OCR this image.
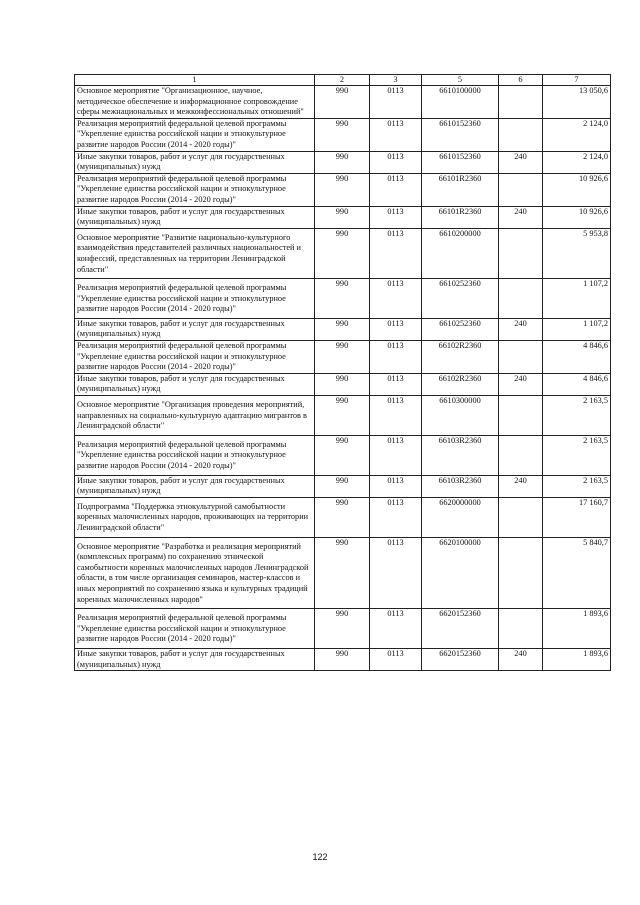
1	2	3	5	6	7
Основное мероприятие "Организационное, научное, методическое обеспечение и информационное сопровождение сферы межнациональных и межконфессиональных отношений"	990	0113	6610100000		13 050,6
Реализация мероприятий федеральной целевой программы "Укрепление единства российской нации и этнокультурное развитие народов России (2014 - 2020 годы)"	990	0113	6610152360		2 124,0
Иные закупки товаров, работ и услуг для государственных (муниципальных) нужд	990	0113	6610152360	240	2 124,0
Реализация мероприятий федеральной целевой программы "Укрепление единства российской нации и этнокультурное развитие народов России (2014 - 2020 годы)"	990	0113	66101R2360		10 926,6
Иные закупки товаров, работ и услуг для государственных (муниципальных) нужд	990	0113	66101R2360	240	10 926,6
Основное мероприятие "Развитие национально-культурного взаимодействия представителей различных национальностей и конфессий, представленных на территории Ленинградской области"	990	0113	6610200000		5 953,8
Реализация мероприятий федеральной целевой программы "Укрепление единства российской нации и этнокультурное развитие народов России (2014 - 2020 годы)"	990	0113	6610252360		1 107,2
Иные закупки товаров, работ и услуг для государственных (муниципальных) нужд	990	0113	6610252360	240	1 107,2
Реализация мероприятий федеральной целевой программы "Укрепление единства российской нации и этнокультурное развитие народов России (2014 - 2020 годы)"	990	0113	66102R2360		4 846,6
Иные закупки товаров, работ и услуг для государственных (муниципальных) нужд	990	0113	66102R2360	240	4 846,6
Основное мероприятие "Организация проведения мероприятий, направленных на социально-культурную адаптацию мигрантов в Ленинградской области"	990	0113	6610300000		2 163,5
Реализация мероприятий федеральной целевой программы "Укрепление единства российской нации и этнокультурное развитие народов России (2014 - 2020 годы)"	990	0113	66103R2360		2 163,5
Иные закупки товаров, работ и услуг для государственных (муниципальных) нужд	990	0113	66103R2360	240	2 163,5
Подпрограмма "Поддержка этнокультурной самобытности коренных малочисленных народов, проживающих на территории Ленинградской области"	990	0113	6620000000		17 160,7
Основное мероприятие "Разработка и реализация мероприятий (комплексных программ) по сохранению этнической самобытности коренных малочисленных народов Ленинградской области, в том числе организация семинаров, мастер-классов и иных мероприятий по сохранению языка и культурных традиций коренных малочисленных народов"	990	0113	6620100000		5 840,7
Реализация мероприятий федеральной целевой программы "Укрепление единства российской нации и этнокультурное развитие народов России (2014 - 2020 годы)"	990	0113	6620152360		1 893,6
Иные закупки товаров, работ и услуг для государственных (муниципальных) нужд	990	0113	6620152360	240	1 893,6
122
